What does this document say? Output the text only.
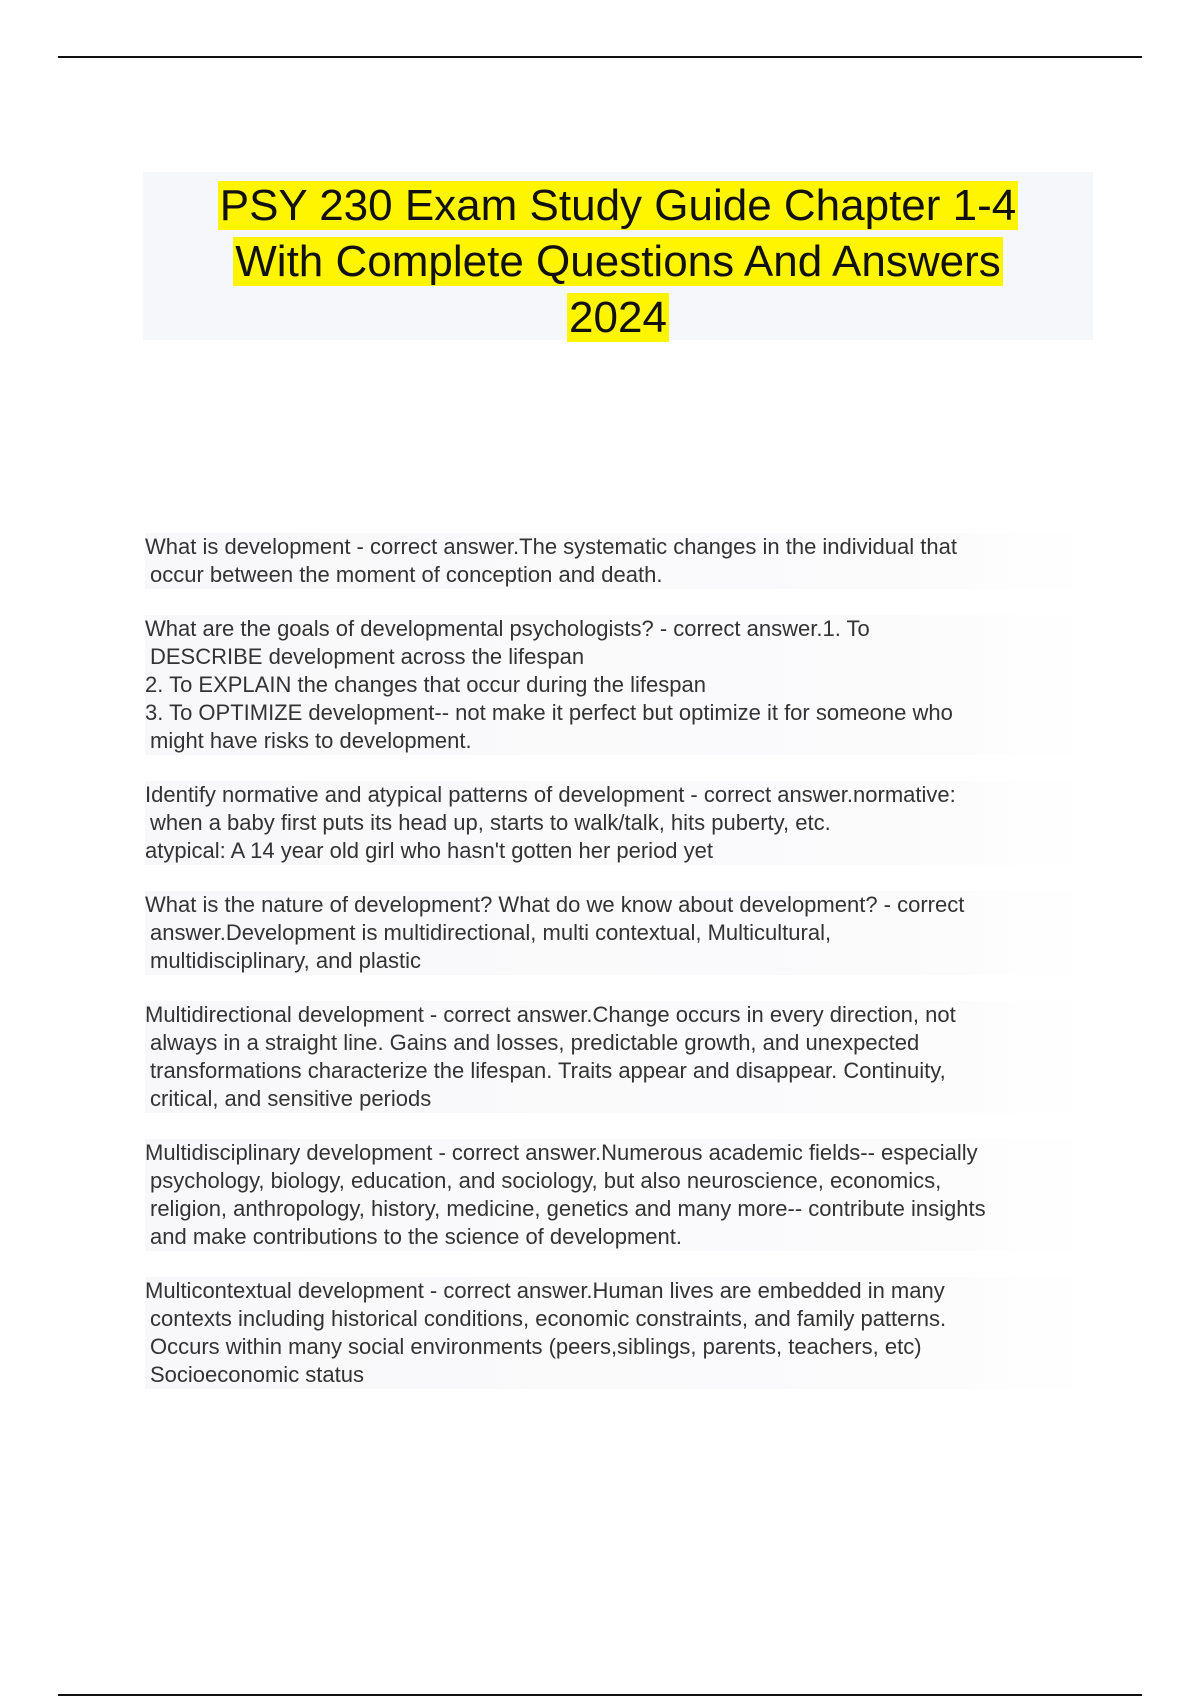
PSY 230 Exam Study Guide Chapter 1-4
With Complete Questions And Answers
2024
What is development - correct answer.The systematic changes in the individual that
occur between the moment of conception and death.
What are the goals of developmental psychologists? - correct answer.1. To
DESCRIBE development across the lifespan
2. To EXPLAIN the changes that occur during the lifespan
3. To OPTIMIZE development-- not make it perfect but optimize it for someone who
might have risks to development.
Identify normative and atypical patterns of development - correct answer.normative:
when a baby first puts its head up, starts to walk/talk, hits puberty, etc.
atypical: A 14 year old girl who hasn't gotten her period yet
What is the nature of development? What do we know about development? - correct
answer.Development is multidirectional, multi contextual, Multicultural,
multidisciplinary, and plastic
Multidirectional development - correct answer.Change occurs in every direction, not
always in a straight line. Gains and losses, predictable growth, and unexpected
transformations characterize the lifespan. Traits appear and disappear. Continuity,
critical, and sensitive periods
Multidisciplinary development - correct answer.Numerous academic fields-- especially
psychology, biology, education, and sociology, but also neuroscience, economics,
religion, anthropology, history, medicine, genetics and many more-- contribute insights
and make contributions to the science of development.
Multicontextual development - correct answer.Human lives are embedded in many
contexts including historical conditions, economic constraints, and family patterns.
Occurs within many social environments (peers,siblings, parents, teachers, etc)
Socioeconomic status
